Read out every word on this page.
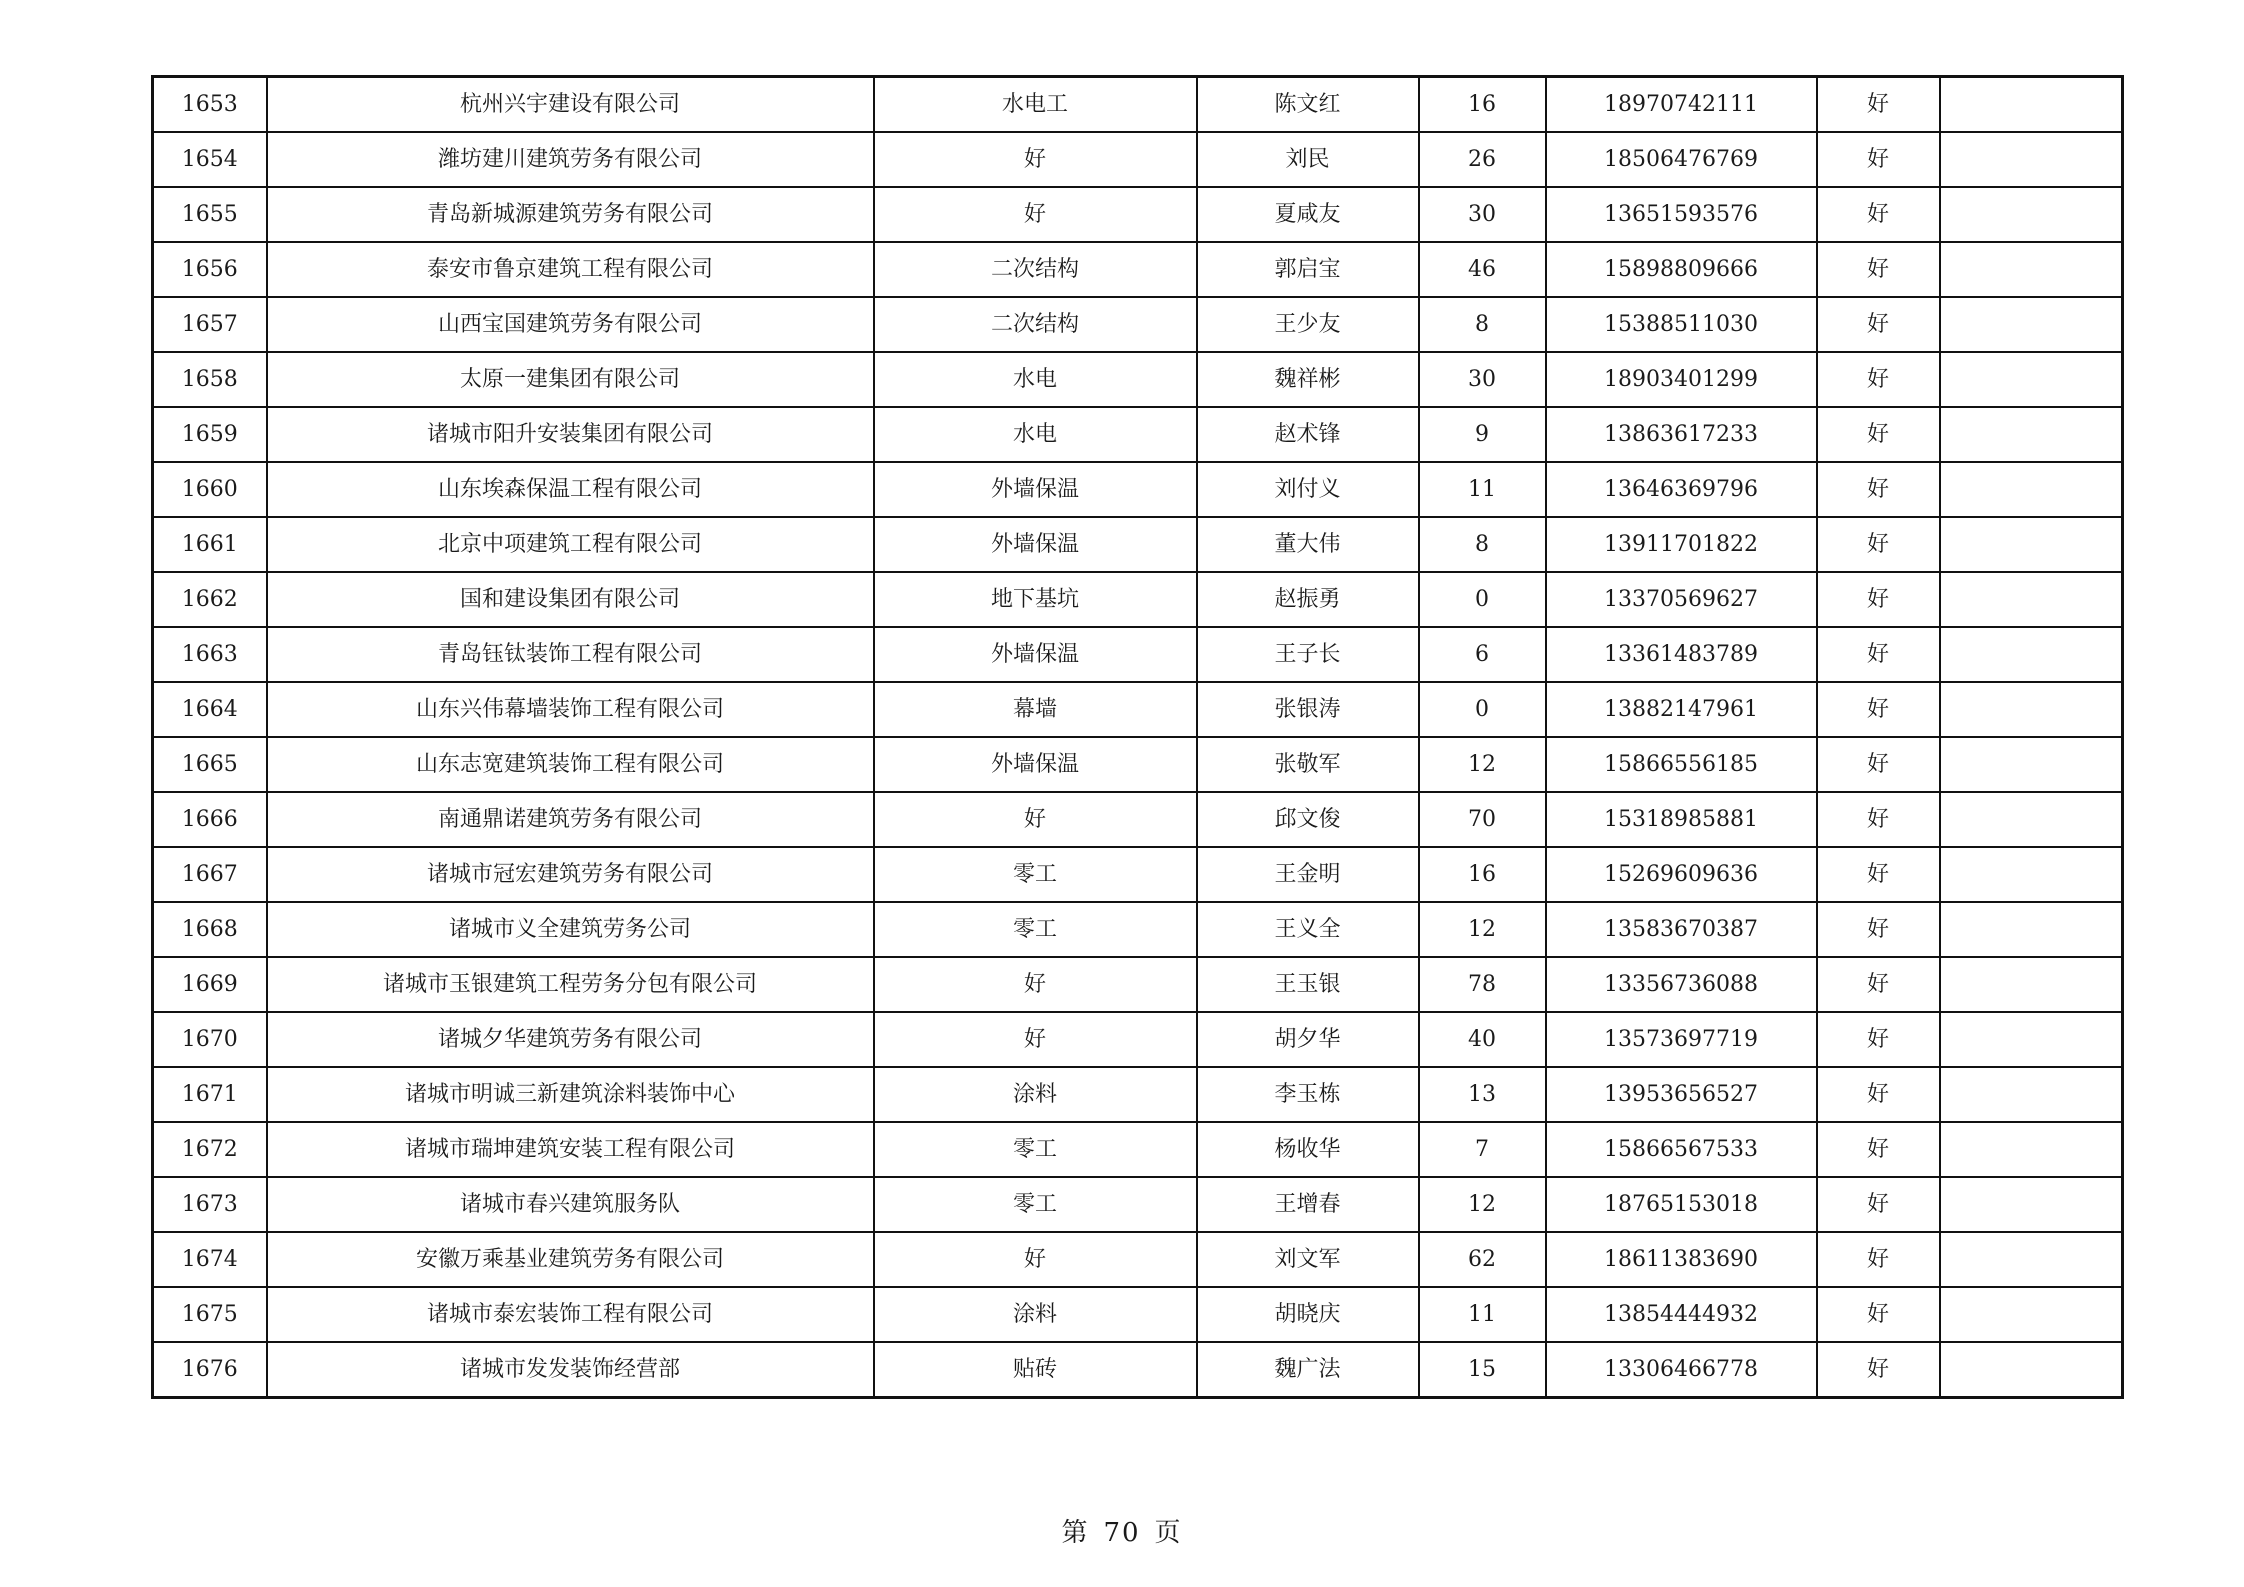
1653	杭州兴宇建设有限公司	水电工	陈文红	16	18970742111	好	
1654	潍坊建川建筑劳务有限公司	好	刘民	26	18506476769	好	
1655	青岛新城源建筑劳务有限公司	好	夏咸友	30	13651593576	好	
1656	泰安市鲁京建筑工程有限公司	二次结构	郭启宝	46	15898809666	好	
1657	山西宝国建筑劳务有限公司	二次结构	王少友	8	15388511030	好	
1658	太原一建集团有限公司	水电	魏祥彬	30	18903401299	好	
1659	诸城市阳升安装集团有限公司	水电	赵术锋	9	13863617233	好	
1660	山东埃森保温工程有限公司	外墙保温	刘付义	11	13646369796	好	
1661	北京中项建筑工程有限公司	外墙保温	董大伟	8	13911701822	好	
1662	国和建设集团有限公司	地下基坑	赵振勇	0	13370569627	好	
1663	青岛钰钛装饰工程有限公司	外墙保温	王子长	6	13361483789	好	
1664	山东兴伟幕墙装饰工程有限公司	幕墙	张银涛	0	13882147961	好	
1665	山东志宽建筑装饰工程有限公司	外墙保温	张敬军	12	15866556185	好	
1666	南通鼎诺建筑劳务有限公司	好	邱文俊	70	15318985881	好	
1667	诸城市冠宏建筑劳务有限公司	零工	王金明	16	15269609636	好	
1668	诸城市义全建筑劳务公司	零工	王义全	12	13583670387	好	
1669	诸城市玉银建筑工程劳务分包有限公司	好	王玉银	78	13356736088	好	
1670	诸城夕华建筑劳务有限公司	好	胡夕华	40	13573697719	好	
1671	诸城市明诚三新建筑涂料装饰中心	涂料	李玉栋	13	13953656527	好	
1672	诸城市瑞坤建筑安装工程有限公司	零工	杨收华	7	15866567533	好	
1673	诸城市春兴建筑服务队	零工	王增春	12	18765153018	好	
1674	安徽万乘基业建筑劳务有限公司	好	刘文军	62	18611383690	好	
1675	诸城市泰宏装饰工程有限公司	涂料	胡晓庆	11	13854444932	好	
1676	诸城市发发装饰经营部	贴砖	魏广法	15	13306466778	好	
第 70 页
